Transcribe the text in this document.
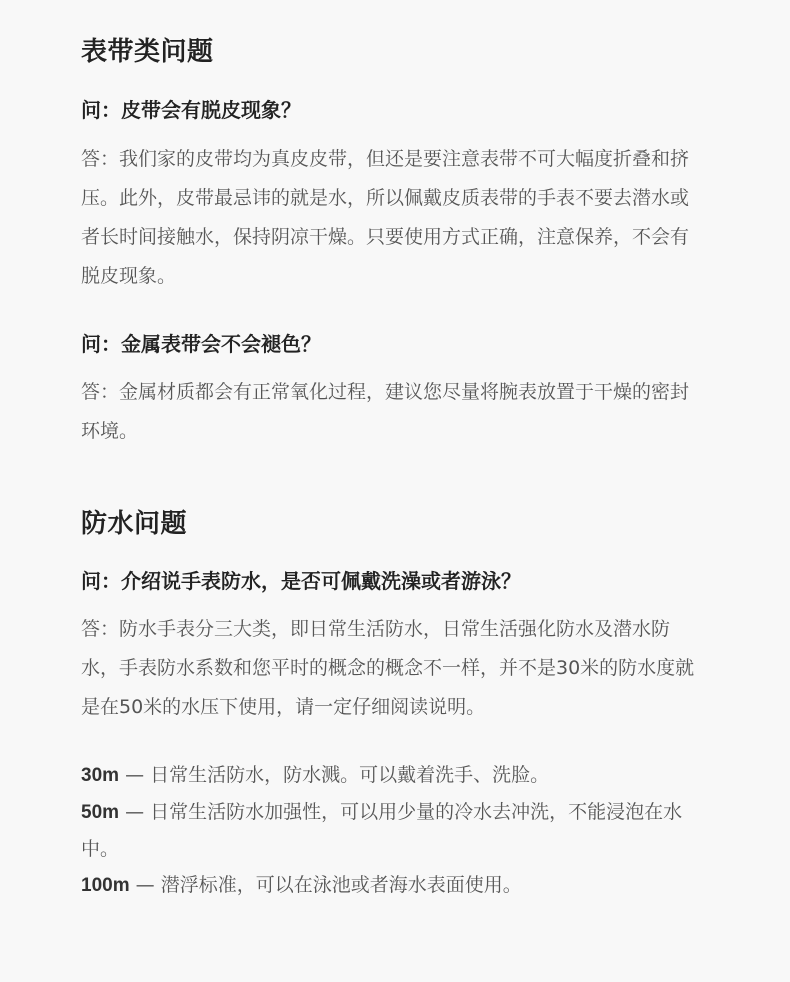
表带类问题
问：皮带会有脱皮现象？

答：我们家的皮带均为真皮皮带，但还是要注意表带不可大幅度折叠和挤压。此外，皮带最忌讳的就是水，所以佩戴皮质表带的手表不要去潜水或者长时间接触水，保持阴凉干燥。只要使用方式正确，注意保养，不会有脱皮现象。

问：金属表带会不会褪色？

答：金属材质都会有正常氧化过程，建议您尽量将腕表放置于干燥的密封环境。

防水问题
问：介绍说手表防水，是否可佩戴洗澡或者游泳？

答：防水手表分三大类，即日常生活防水，日常生活强化防水及潜水防水，手表防水系数和您平时的概念的概念不一样，并不是30米的防水度就是在50米的水压下使用，请一定仔细阅读说明。

30m — 日常生活防水，防水溅。可以戴着洗手、洗脸。

50m — 日常生活防水加强性，可以用少量的冷水去冲洗，不能浸泡在水中。

100m — 潜浮标准，可以在泳池或者海水表面使用。
